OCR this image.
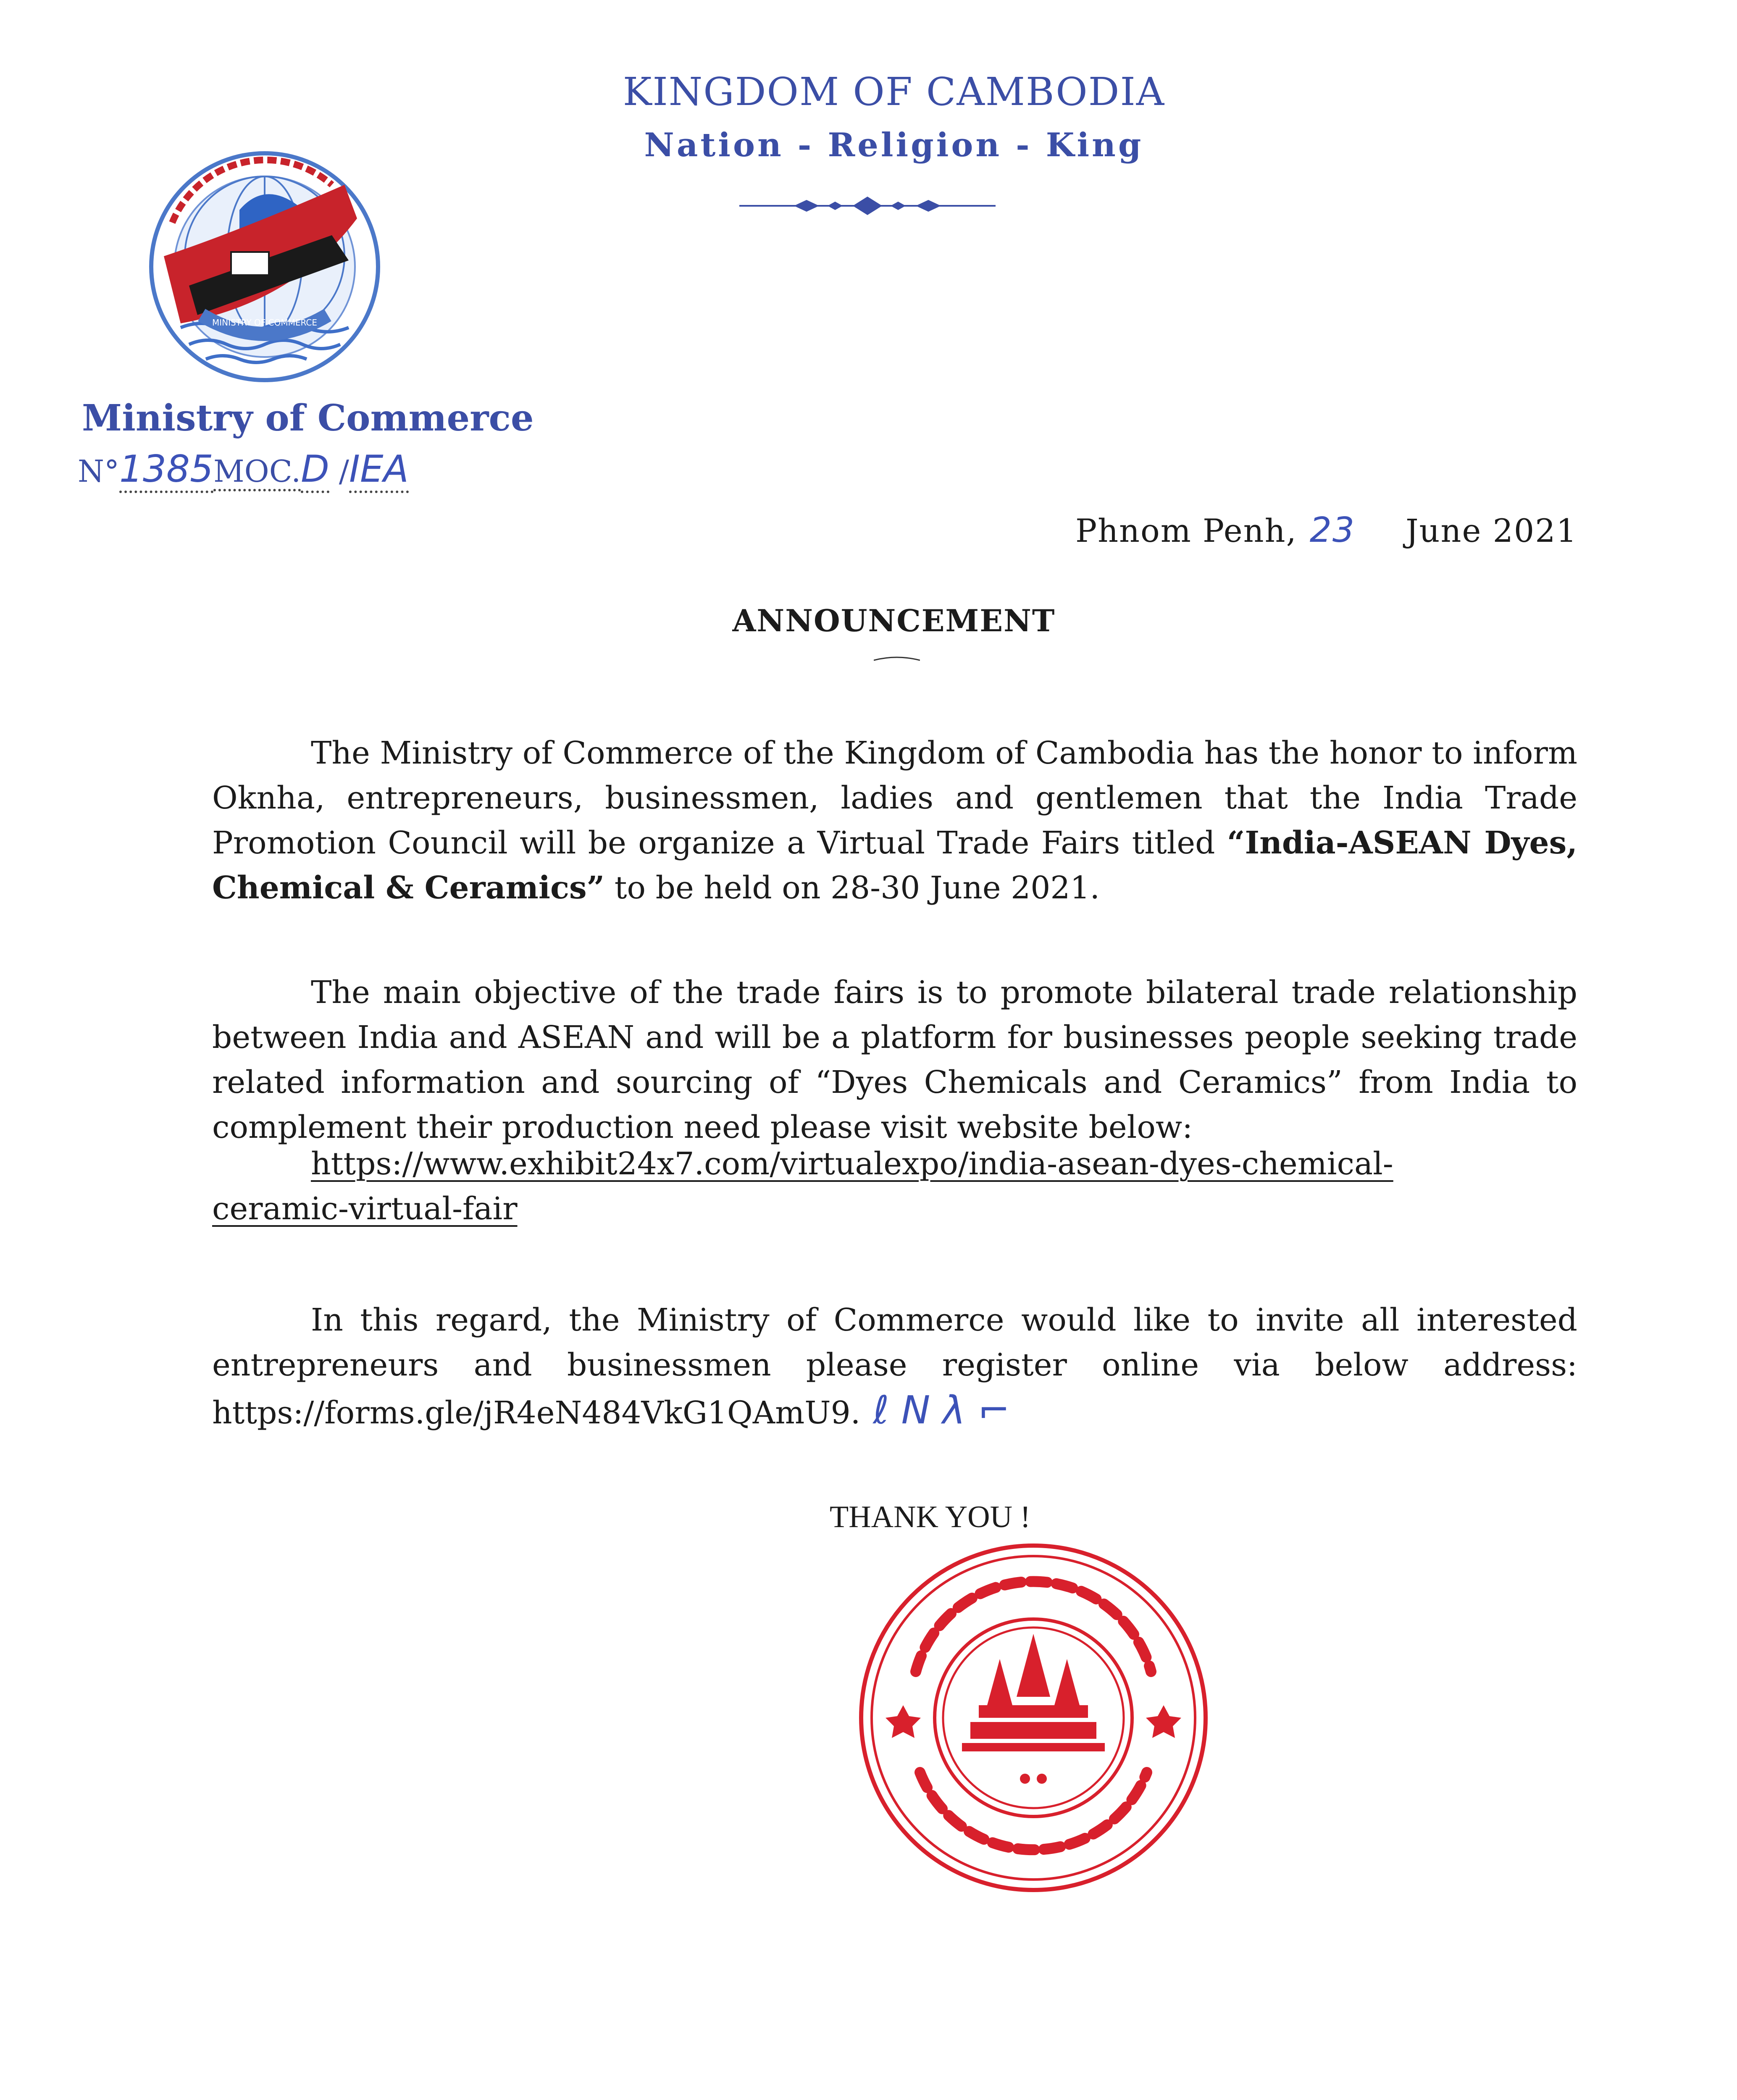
KINGDOM OF CAMBODIA
Nation - Religion - King
MINISTRY OF COMMERCE
Ministry of Commerce
N°1385MOC.D /IEA
Phnom Penh, 23 June 2021
ANNOUNCEMENT
The Ministry of Commerce of the Kingdom of Cambodia has the honor to inform Oknha, entrepreneurs, businessmen, ladies and gentlemen that the India Trade Promotion Council will be organize a Virtual Trade Fairs titled “India-ASEAN Dyes, Chemical & Ceramics” to be held on 28-30 June 2021.
The main objective of the trade fairs is to promote bilateral trade relationship between India and ASEAN and will be a platform for businesses people seeking trade related information and sourcing of “Dyes Chemicals and Ceramics” from India to complement their production need please visit website below:
https://www.exhibit24x7.com/virtualexpo/india-asean-dyes-chemical-
ceramic-virtual-fair
In this regard, the Ministry of Commerce would like to invite all interested entrepreneurs and businessmen please register online via below address: https://forms.gle/jR4eN484VkG1QAmU9. ℓ N λ ⌐
THANK YOU !
